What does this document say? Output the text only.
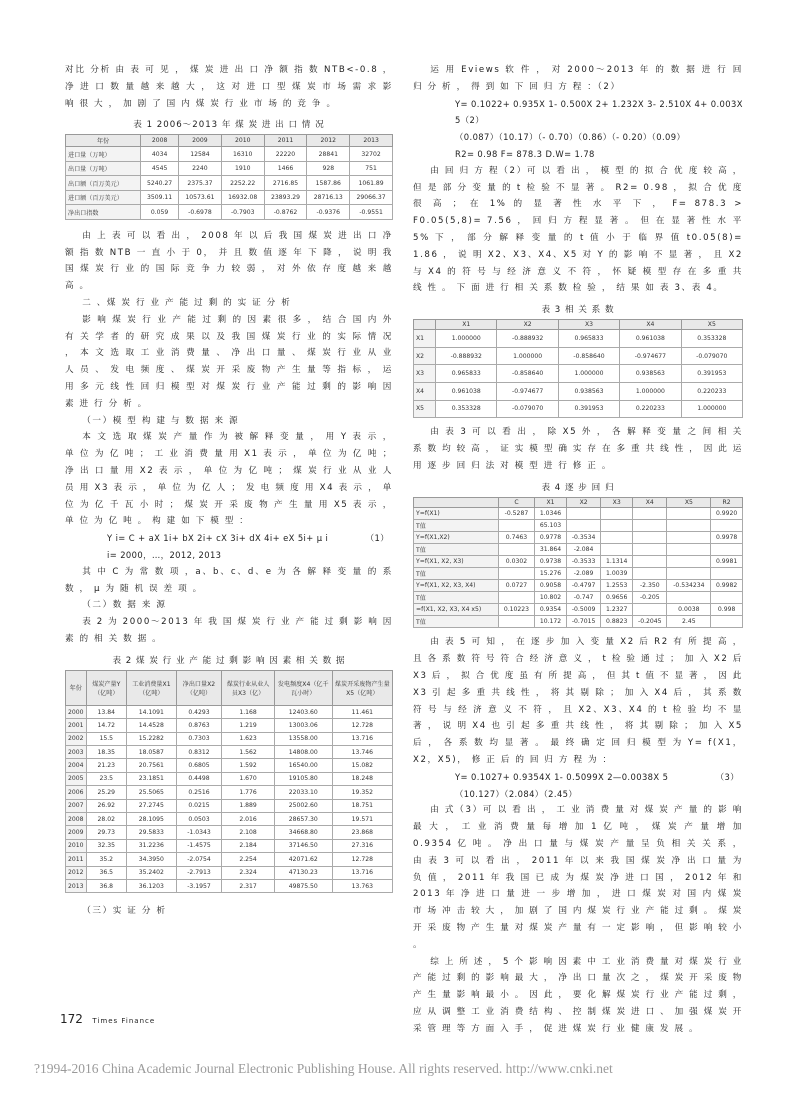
对比 分析 由 表 可 见 ， 煤 炭 进 出 口 净 额 指 数 NTB<-0.8 ， 净 进 口 数 量 越 来 越 大 ， 这 对 进 口 型 煤 炭 市 场 需 求 影 响 很 大 ， 加 剧 了 国 内 煤 炭 行 业 市 场 的 竞 争 。

表 1 2006～2013 年 煤 炭 进 出 口 情 况
年份	2008	2009	2010	2011	2012	2013
进口量（万吨）	4034	12584	16310	22220	28841	32702
出口量（万吨）	4545	2240	1910	1466	928	751
出口额（百万美元）	5240.27	2375.37	2252.22	2716.85	1587.86	1061.89
进口额（百万美元）	3509.11	10573.61	16932.08	23893.29	28716.13	29066.37
净出口指数	0.059	-0.6978	-0.7903	-0.8762	-0.9376	-0.9551

由 上 表 可 以 看 出 ， 2008 年 以 后 我 国 煤 炭 进 出 口 净 额 指 数 NTB 一 直 小 于 0， 并 且 数 值 逐 年 下 降 ， 说 明 我 国 煤 炭 行 业 的 国 际 竞 争 力 较 弱 ， 对 外 依 存 度 越 来 越 高 。

二 、煤 炭 行 业 产 能 过 剩 的 实 证 分 析

影 响 煤 炭 行 业 产 能 过 剩 的 因 素 很 多 ， 结 合 国 内 外 有 关 学 者 的 研 究 成 果 以 及 我 国 煤 炭 行 业 的 实 际 情 况 ， 本 文 选 取 工 业 消 费 量 、 净 出 口 量 、 煤 炭 行 业 从 业 人 员 、 发 电 频 度 、 煤 炭 开 采 废 物 产 生 量 等 指 标 ， 运 用 多 元 线 性 回 归 模 型 对 煤 炭 行 业 产 能 过 剩 的 影 响 因 素 进 行 分 析 。

（一）模 型 构 建 与 数 据 来 源

本 文 选 取 煤 炭 产 量 作 为 被 解 释 变 量 ， 用 Y 表 示 ， 单 位 为 亿 吨 ； 工 业 消 费 量 用 X1 表 示 ， 单 位 为 亿 吨 ； 净 出 口 量 用 X2 表 示 ， 单 位 为 亿 吨 ； 煤 炭 行 业 从 业 人 员 用 X3 表 示 ， 单 位 为 亿 人 ； 发 电 频 度 用 X4 表 示 ， 单 位 为 亿 千 瓦 小 时 ； 煤 炭 开 采 废 物 产 生 量 用 X5 表 示 ， 单 位 为 亿 吨 。 构 建 如 下 模 型 ：

Y i= C + aX 1i+ bX 2i+ cX 3i+ dX 4i+ eX 5i+ μ i	（1）
i= 2000，…，2012, 2013

其 中 C 为 常 数 项 ，a、b、c、d、e 为 各 解 释 变 量 的 系 数 ， μ 为 随 机 误 差 项 。

（二）数 据 来 源

表 2 为 2000～2013 年 我 国 煤 炭 行 业 产 能 过 剩 影 响 因 素 的 相 关 数 据 。

表 2 煤 炭 行 业 产 能 过 剩 影 响 因 素 相 关 数 据
年份	煤炭产量Y（亿吨）	工业消费量X1（亿吨）	净出口量X2（亿吨）	煤炭行业从业人员X3（亿）	发电频度X4（亿千瓦小时）	煤炭开采废物产生量X5（亿吨）
2000	13.84	14.1091	0.4293	1.168	12403.60	11.461
2001	14.72	14.4528	0.8763	1.219	13003.06	12.728
2002	15.5	15.2282	0.7303	1.623	13558.00	13.716
2003	18.35	18.0587	0.8312	1.562	14808.00	13.746
2004	21.23	20.7561	0.6805	1.592	16540.00	15.082
2005	23.5	23.1851	0.4498	1.670	19105.80	18.248
2006	25.29	25.5065	0.2516	1.776	22033.10	19.352
2007	26.92	27.2745	0.0215	1.889	25002.60	18.751
2008	28.02	28.1095	0.0503	2.016	28657.30	19.571
2009	29.73	29.5833	-1.0343	2.108	34668.80	23.868
2010	32.35	31.2236	-1.4575	2.184	37146.50	27.316
2011	35.2	34.3950	-2.0754	2.254	42071.62	12.728
2012	36.5	35.2402	-2.7913	2.324	47130.23	13.716
2013	36.8	36.1203	-3.1957	2.317	49875.50	13.763

（三）实 证 分 析

运 用 Eviews 软 件 ， 对 2000～2013 年 的 数 据 进 行 回 归 分 析 ， 得 到 如 下 回 归 方 程 ：（2）

Y= 0.1022+ 0.935X 1- 0.500X 2+ 1.232X 3- 2.510X 4+ 0.003X 5（2）
（0.087）（10.17）（- 0.70）（0.86）（- 0.20）（0.09）
R2= 0.98 F= 878.3 D.W= 1.78

由 回 归 方 程（2）可 以 看 出 ， 模 型 的 拟 合 优 度 较 高 ， 但 是 部 分 变 量 的 t 检 验 不 显 著 。 R2= 0.98 ， 拟 合 优 度 很 高 ； 在 1% 的 显 著 性 水 平 下 ， F= 878.3 > F0.05(5,8)= 7.56 ， 回 归 方 程 显 著 。 但 在 显 著 性 水 平 5% 下 ， 部 分 解 释 变 量 的 t 值 小 于 临 界 值 t0.05(8)= 1.86 ， 说 明 X2、X3、X4、X5 对 Y 的 影 响 不 显 著 ， 且 X2 与 X4 的 符 号 与 经 济 意 义 不 符 ， 怀 疑 模 型 存 在 多 重 共 线 性 。 下 面 进 行 相 关 系 数 检 验 ， 结 果 如 表 3、表 4。

表 3 相 关 系 数
	X1	X2	X3	X4	X5
X1	1.000000	-0.888932	0.965833	0.961038	0.353328
X2	-0.888932	1.000000	-0.858640	-0.974677	-0.079070
X3	0.965833	-0.858640	1.000000	0.938563	0.391953
X4	0.961038	-0.974677	0.938563	1.000000	0.220233
X5	0.353328	-0.079070	0.391953	0.220233	1.000000

由 表 3 可 以 看 出 ， 除 X5 外 ， 各 解 释 变 量 之 间 相 关 系 数 均 较 高 ， 证 实 模 型 确 实 存 在 多 重 共 线 性 ， 因 此 运 用 逐 步 回 归 法 对 模 型 进 行 修 正 。

表 4 逐 步 回 归
	C	X1	X2	X3	X4	X5	R2
Y=f(X1)	-0.5287	1.0346					0.9920
T值		65.103					
Y=f(X1,X2)	0.7463	0.9778	-0.3534				0.9978
T值		31.864	-2.084				
Y=f(X1, X2, X3)	0.0302	0.9738	-0.3533	1.1314			0.9981
T值		15.276	-2.089	1.0039			
Y=f(X1, X2, X3, X4)	0.0727	0.9058	-0.4797	1.2553	-2.350	-0.534234	0.9982
T值		10.802	-0.747	0.9656	-0.205		
=f(X1, X2, X3, X4 x5)	0.10223	0.9354	-0.5009	1.2327		0.0038	0.998
T值		10.172	-0.7015	0.8823	-0.2045	2.45	

由 表 5 可 知 ， 在 逐 步 加 入 变 量 X2 后 R2 有 所 提 高 ， 且 各 系 数 符 号 符 合 经 济 意 义 ， t 检 验 通 过 ； 加 入 X2 后 X3 后 ， 拟 合 优 度 虽 有 所 提 高 ， 但 其 t 值 不 显 著 ， 因 此 X3 引 起 多 重 共 线 性 ， 将 其 剔 除 ； 加 入 X4 后 ， 其 系 数 符 号 与 经 济 意 义 不 符 ， 且 X2、X3、X4 的 t 检 验 均 不 显 著 ， 说 明 X4 也 引 起 多 重 共 线 性 ， 将 其 剔 除 ； 加 入 X5 后 ， 各 系 数 均 显 著 。 最 终 确 定 回 归 模 型 为 Y= f(X1，X2，X5)， 修 正 后 的 回 归 方 程 为 ：

Y= 0.1027+ 0.9354X 1- 0.5099X 2—0.0038X 5	（3）
（10.127）（2.084）（2.45）

由 式（3）可 以 看 出 ， 工 业 消 费 量 对 煤 炭 产 量 的 影 响 最 大 ， 工 业 消 费 量 每 增 加 1 亿 吨 ， 煤 炭 产 量 增 加 0.9354 亿 吨 。 净 出 口 量 与 煤 炭 产 量 呈 负 相 关 关 系 ， 由 表 3 可 以 看 出 ， 2011 年 以 来 我 国 煤 炭 净 出 口 量 为 负 值 ， 2011 年 我 国 已 成 为 煤 炭 净 进 口 国 ， 2012 年 和 2013 年 净 进 口 量 进 一 步 增 加 ， 进 口 煤 炭 对 国 内 煤 炭 市 场 冲 击 较 大 ， 加 剧 了 国 内 煤 炭 行 业 产 能 过 剩 。 煤 炭 开 采 废 物 产 生 量 对 煤 炭 产 量 有 一 定 影 响 ， 但 影 响 较 小 。

综 上 所 述 ， 5 个 影 响 因 素 中 工 业 消 费 量 对 煤 炭 行 业 产 能 过 剩 的 影 响 最 大 ， 净 出 口 量 次 之 ， 煤 炭 开 采 废 物 产 生 量 影 响 最 小 。 因 此 ， 要 化 解 煤 炭 行 业 产 能 过 剩 ， 应 从 调 整 工 业 消 费 结 构 、 控 制 煤 炭 进 口 、 加 强 煤 炭 开 采 管 理 等 方 面 入 手 ， 促 进 煤 炭 行 业 健 康 发 展 。

172 Times Finance
?1994-2016 China Academic Journal Electronic Publishing House. All rights reserved. http://www.cnki.net
